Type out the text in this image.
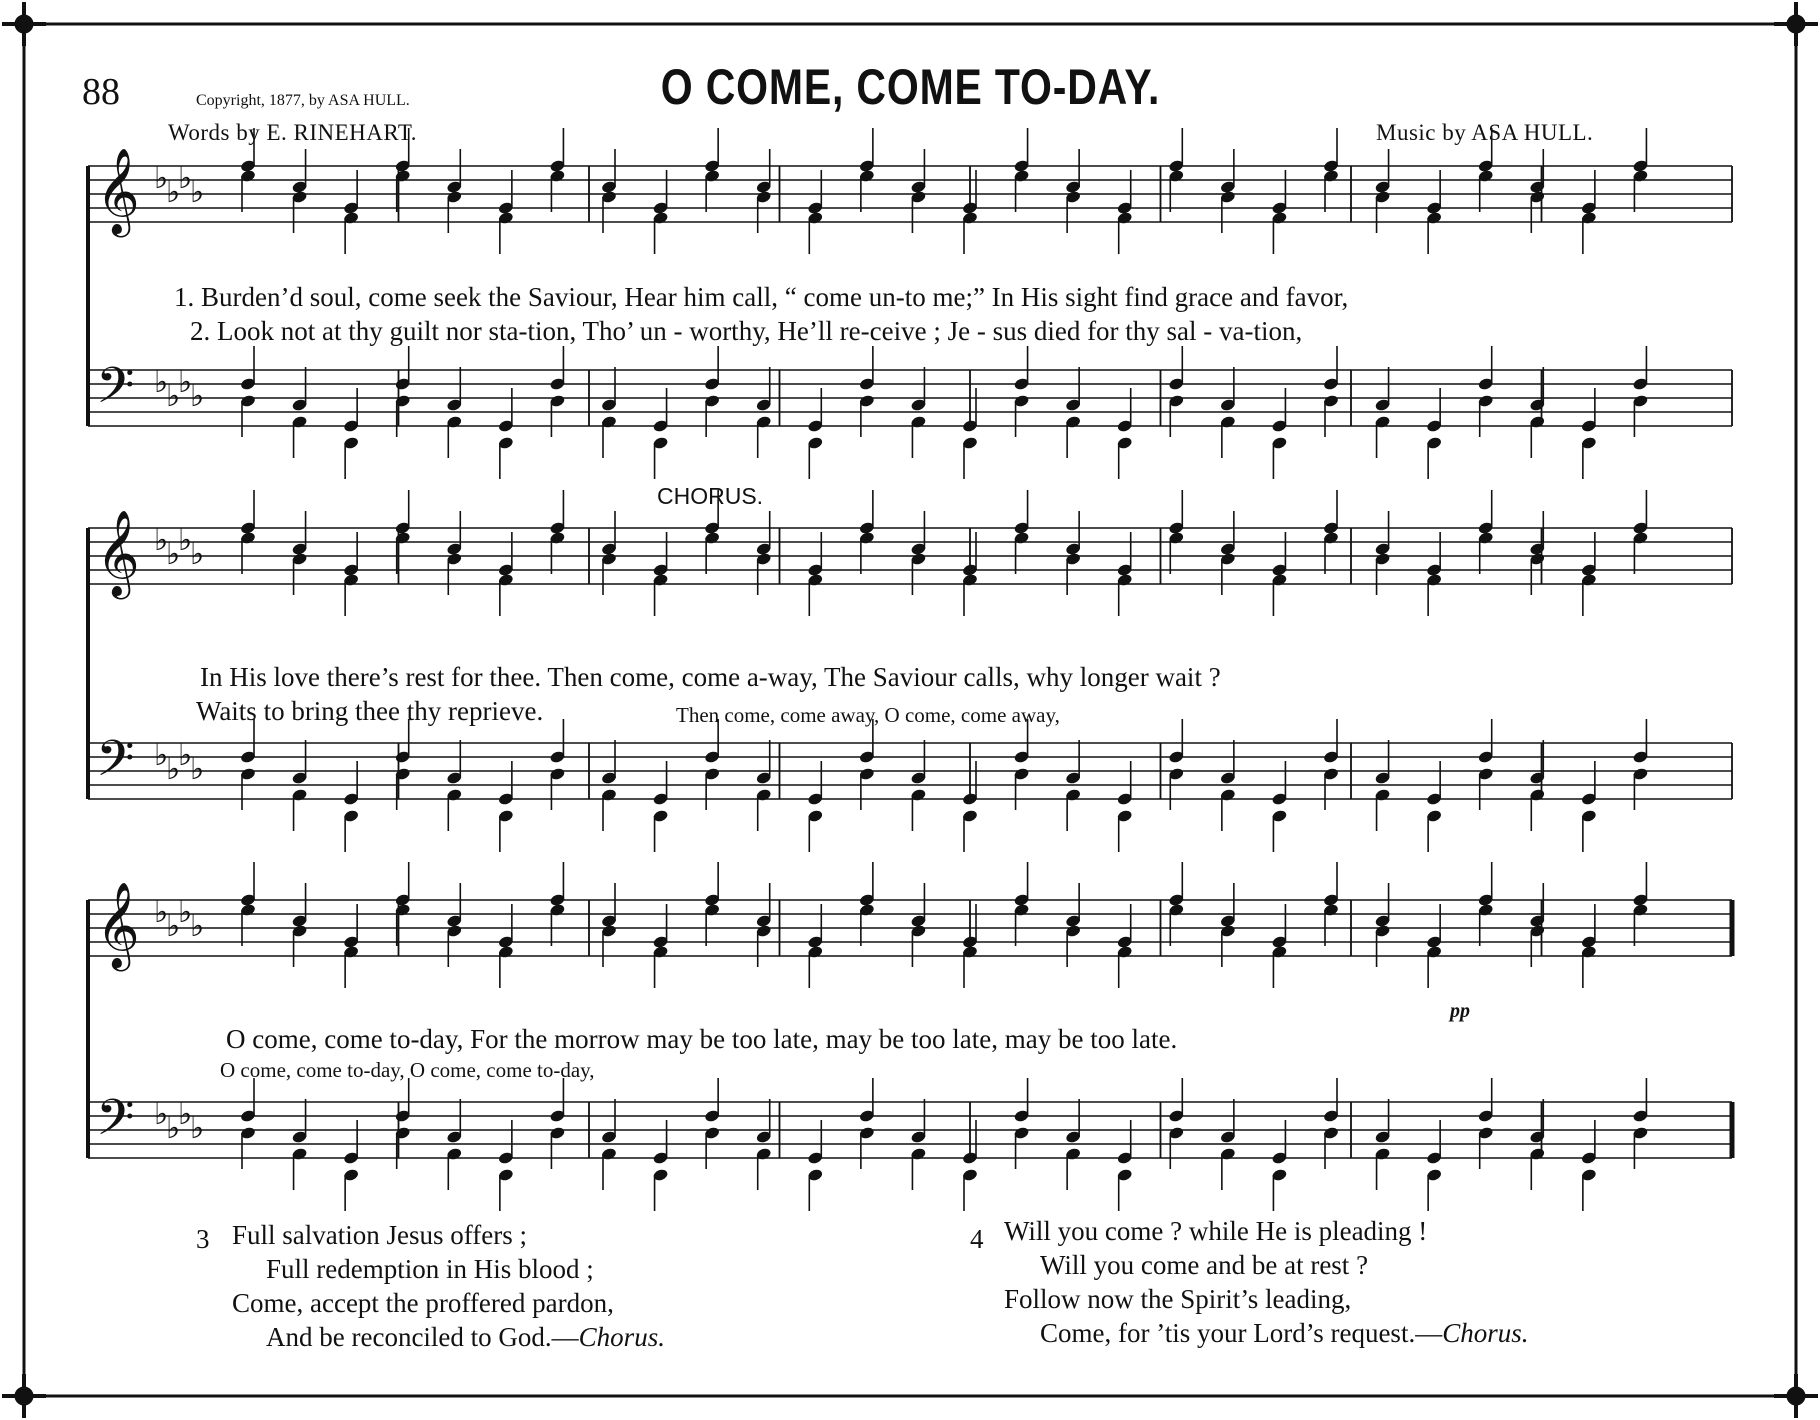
𝄞 ♭
♭
♭
♭
𝄢 ♭
♭
♭
♭
𝄞 ♭
♭
♭
♭
𝄢 ♭
♭
♭
♭
𝄞 ♭
♭
♭
♭
𝄢 ♭
♭
♭
♭
88	Copyright, 1877, by ASA HULL.	O COME, COME TO-DAY.
Words by E. RINEHART.	Music by ASA HULL.
1. Burden’d soul, come seek the Saviour, Hear him call, “ come un-to me;” In His sight find grace and favor,
2. Look not at thy guilt nor sta-tion, Tho’ un - worthy, He’ll re-ceive ; Je - sus died for thy sal - va-tion,
CHORUS.
In His love there’s rest for thee. Then come, come a-way, The Saviour calls, why longer wait ?
Waits to bring thee thy reprieve.	Then come, come away, O come, come away,
O come, come to-day, For the morrow may be too late, may be too late, may be too late.
O come, come to-day, O come, come to-day,
pp
3 Full salvation Jesus offers ;
Full redemption in His blood ;
Come, accept the proffered pardon,
And be reconciled to God.—Chorus.
4 Will you come ? while He is pleading !
Will you come and be at rest ?
Follow now the Spirit’s leading,
Come, for ’tis your Lord’s request.—Chorus.
